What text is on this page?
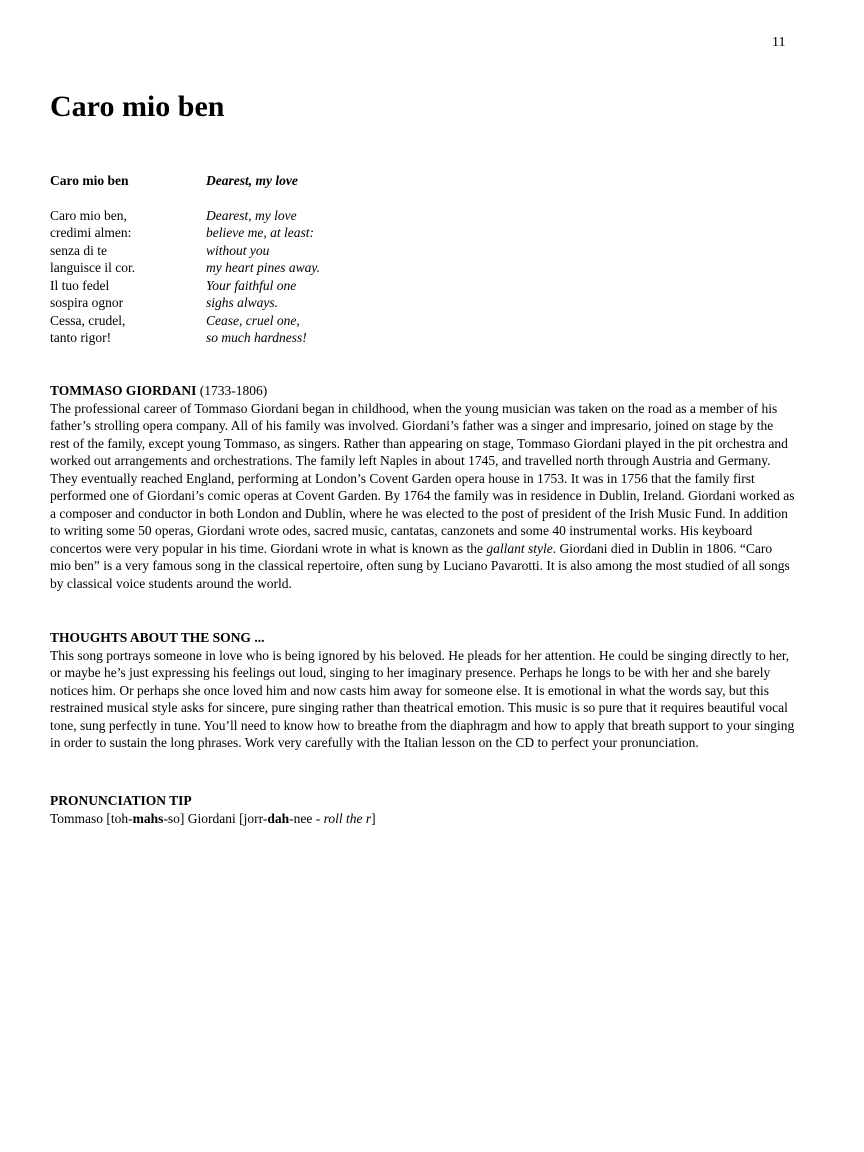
11
Caro mio ben
Caro mio ben	Dearest, my love
Caro mio ben,	Dearest, my love
credimi almen:	believe me, at least:
senza di te	without you
languisce il cor.	my heart pines away.
Il tuo fedel	Your faithful one
sospira ognor	sighs always.
Cessa, crudel,	Cease, cruel one,
tanto rigor!	so much hardness!
TOMMASO GIORDANI (1733-1806)

The professional career of Tommaso Giordani began in childhood, when the young musician was taken on the road as a member of his father’s strolling opera company. All of his family was involved. Giordani’s father was a singer and impresario, joined on stage by the rest of the family, except young Tommaso, as singers. Rather than appearing on stage, Tommaso Giordani played in the pit orchestra and worked out arrangements and orchestrations. The family left Naples in about 1745, and travelled north through Austria and Germany. They eventually reached England, performing at London’s Covent Garden opera house in 1753. It was in 1756 that the family first performed one of Giordani’s comic operas at Covent Garden. By 1764 the family was in residence in Dublin, Ireland. Giordani worked as a composer and conductor in both London and Dublin, where he was elected to the post of president of the Irish Music Fund. In addition to writing some 50 operas, Giordani wrote odes, sacred music, cantatas, canzonets and some 40 instrumental works. His keyboard concertos were very popular in his time. Giordani wrote in what is known as the gallant style. Giordani died in Dublin in 1806. “Caro mio ben” is a very famous song in the classical repertoire, often sung by Luciano Pavarotti. It is also among the most studied of all songs by classical voice students around the world.

THOUGHTS ABOUT THE SONG ...

This song portrays someone in love who is being ignored by his beloved. He pleads for her attention. He could be singing directly to her, or maybe he’s just expressing his feelings out loud, singing to her imaginary presence. Perhaps he longs to be with her and she barely notices him. Or perhaps she once loved him and now casts him away for someone else. It is emotional in what the words say, but this restrained musical style asks for sincere, pure singing rather than theatrical emotion. This music is so pure that it requires beautiful vocal tone, sung perfectly in tune. You’ll need to know how to breathe from the diaphragm and how to apply that breath support to your singing in order to sustain the long phrases. Work very carefully with the Italian lesson on the CD to perfect your pronunciation.

PRONUNCIATION TIP

Tommaso [toh-mahs-so] Giordani [jorr-dah-nee - roll the r]
